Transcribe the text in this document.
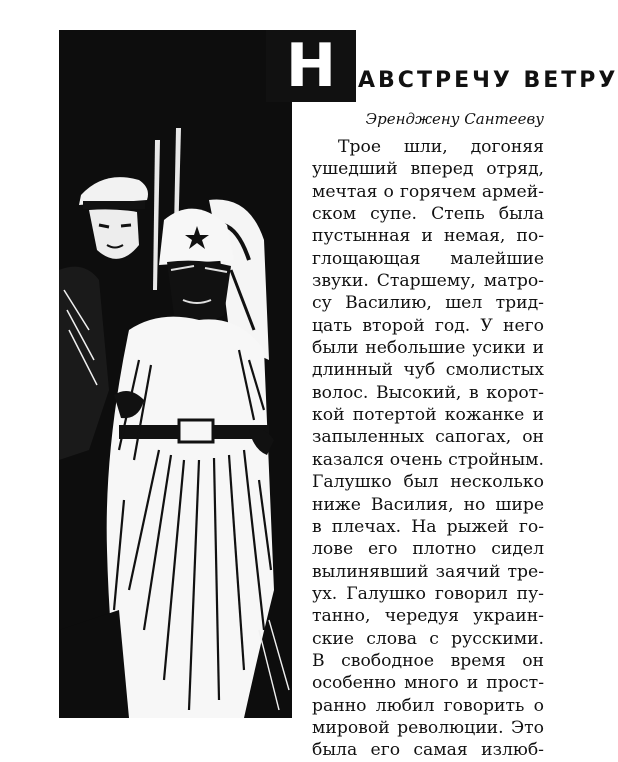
Н АВСТРЕЧУ ВЕТРУ
Эренджену Сантееву
Трое шли, догоняя
ушедший вперед отряд,
мечтая о горячем армей-
ском супе. Степь была
пустынная и немая, по-
глощающая малейшие
звуки. Старшему, матро-
су Василию, шел трид-
цать второй год. У него
были небольшие усики и
длинный чуб смолистых
волос. Высокий, в корот-
кой потертой кожанке и
запыленных сапогах, он
казался очень стройным.
Галушко был несколько
ниже Василия, но шире
в плечах. На рыжей го-
лове его плотно сидел
вылинявший заячий тре-
ух. Галушко говорил пу-
танно, чередуя украин-
ские слова с русскими.
В свободное время он
особенно много и прост-
ранно любил говорить о
мировой революции. Это
была его самая излюб-
